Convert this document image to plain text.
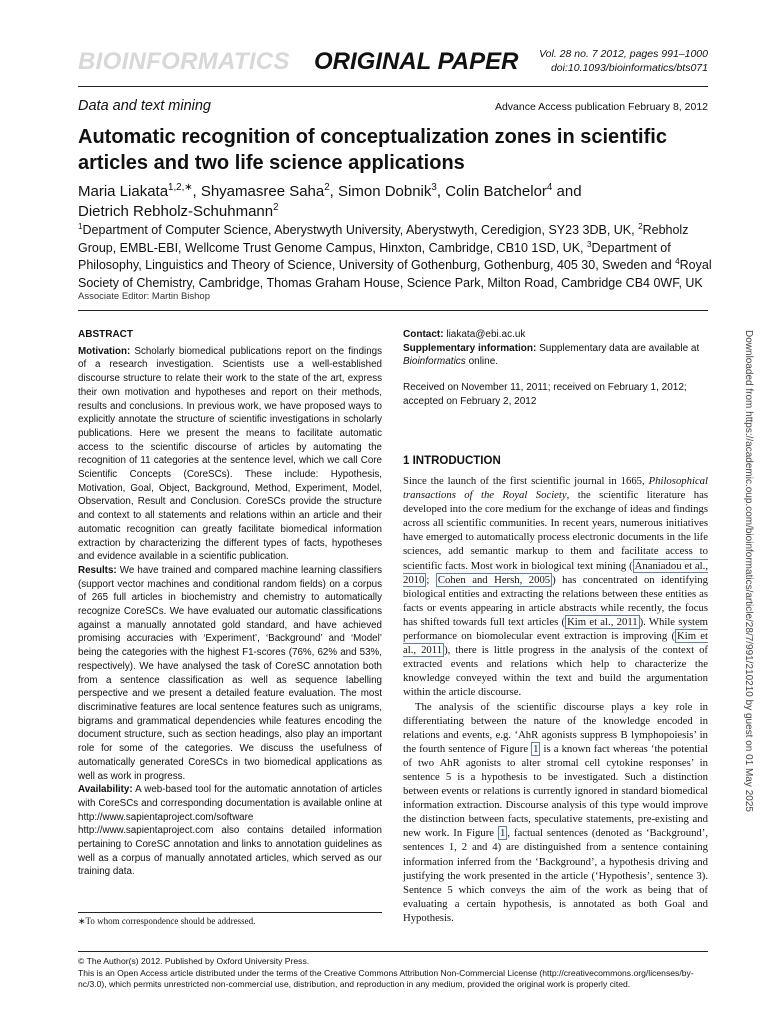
BIOINFORMATICS ORIGINAL PAPER Vol. 28 no. 7 2012, pages 991–1000
doi:10.1093/bioinformatics/bts071
Data and text mining	Advance Access publication February 8, 2012
Automatic recognition of conceptualization zones in scientific articles and two life science applications
Maria Liakata$^{1,2,∗}$, Shyamasree Saha$^2$, Simon Dobnik$^3$, Colin Batchelor$^4$ and
Dietrich Rebholz-Schuhmann$^2$
$^1$Department of Computer Science, Aberystwyth University, Aberystwyth, Ceredigion, SY23 3DB, UK, $^2$Rebholz Group, EMBL-EBI, Wellcome Trust Genome Campus, Hinxton, Cambridge, CB10 1SD, UK, $^3$Department of Philosophy, Linguistics and Theory of Science, University of Gothenburg, Gothenburg, 405 30, Sweden and $^4$Royal Society of Chemistry, Cambridge, Thomas Graham House, Science Park, Milton Road, Cambridge CB4 0WF, UK
Associate Editor: Martin Bishop

ABSTRACT

Motivation: Scholarly biomedical publications report on the findings of a research investigation. Scientists use a well-established discourse structure to relate their work to the state of the art, express their own motivation and hypotheses and report on their methods, results and conclusions. In previous work, we have proposed ways to explicitly annotate the structure of scientific investigations in scholarly publications. Here we present the means to facilitate automatic access to the scientific discourse of articles by automating the recognition of 11 categories at the sentence level, which we call Core Scientific Concepts (CoreSCs). These include: Hypothesis, Motivation, Goal, Object, Background, Method, Experiment, Model, Observation, Result and Conclusion. CoreSCs provide the structure and context to all statements and relations within an article and their automatic recognition can greatly facilitate biomedical information extraction by characterizing the different types of facts, hypotheses and evidence available in a scientific publication.

Results: We have trained and compared machine learning classifiers (support vector machines and conditional random fields) on a corpus of 265 full articles in biochemistry and chemistry to automatically recognize CoreSCs. We have evaluated our automatic classifications against a manually annotated gold standard, and have achieved promising accuracies with ‘Experiment’, ‘Background’ and ‘Model’ being the categories with the highest F1-scores (76%, 62% and 53%, respectively). We have analysed the task of CoreSC annotation both from a sentence classification as well as sequence labelling perspective and we present a detailed feature evaluation. The most discriminative features are local sentence features such as unigrams, bigrams and grammatical dependencies while features encoding the document structure, such as section headings, also play an important role for some of the categories. We discuss the usefulness of automatically generated CoreSCs in two biomedical applications as well as work in progress.

Availability: A web-based tool for the automatic annotation of articles with CoreSCs and corresponding documentation is available online at http://www.sapientaproject.com/software http://www.sapientaproject.com also contains detailed information pertaining to CoreSC annotation and links to annotation guidelines as well as a corpus of manually annotated articles, which served as our training data.

∗To whom correspondence should be addressed.

Contact: liakata@ebi.ac.uk

Supplementary information: Supplementary data are available at Bioinformatics online.

Received on November 11, 2011; received on February 1, 2012; accepted on February 2, 2012

1 INTRODUCTION

Since the launch of the first scientific journal in 1665, Philosophical transactions of the Royal Society, the scientific literature has developed into the core medium for the exchange of ideas and findings across all scientific communities. In recent years, numerous initiatives have emerged to automatically process electronic documents in the life sciences, add semantic markup to them and facilitate access to scientific facts. Most work in biological text mining ( Ananiadou et al., 2010 ; Cohen and Hersh, 2005 ) has concentrated on identifying biological entities and extracting the relations between these entities as facts or events appearing in article abstracts while recently, the focus has shifted towards full text articles ( Kim et al., 2011 ). While system performance on biomolecular event extraction is improving ( Kim et al., 2011 ), there is little progress in the analysis of the context of extracted events and relations which help to characterize the knowledge conveyed within the text and build the argumentation within the article discourse.

The analysis of the scientific discourse plays a key role in differentiating between the nature of the knowledge encoded in relations and events, e.g. ‘AhR agonists suppress B lymphopoiesis’ in the fourth sentence of Figure 1 is a known fact whereas ‘the potential of two AhR agonists to alter stromal cell cytokine responses’ in sentence 5 is a hypothesis to be investigated. Such a distinction between events or relations is currently ignored in standard biomedical information extraction. Discourse analysis of this type would improve the distinction between facts, speculative statements, pre-existing and new work. In Figure 1 , factual sentences (denoted as ‘Background’, sentences 1, 2 and 4) are distinguished from a sentence containing information inferred from the ‘Background’, a hypothesis driving and justifying the work presented in the article (‘Hypothesis’, sentence 3). Sentence 5 which conveys the aim of the work as being that of evaluating a certain hypothesis, is annotated as both Goal and Hypothesis.

© The Author(s) 2012. Published by Oxford University Press.
This is an Open Access article distributed under the terms of the Creative Commons Attribution Non-Commercial License (http://creativecommons.org/licenses/by-nc/3.0), which permits unrestricted non-commercial use, distribution, and reproduction in any medium, provided the original work is properly cited.
Downloaded from https://academic.oup.com/bioinformatics/article/28/7/991/210210 by guest on 01 May 2025
